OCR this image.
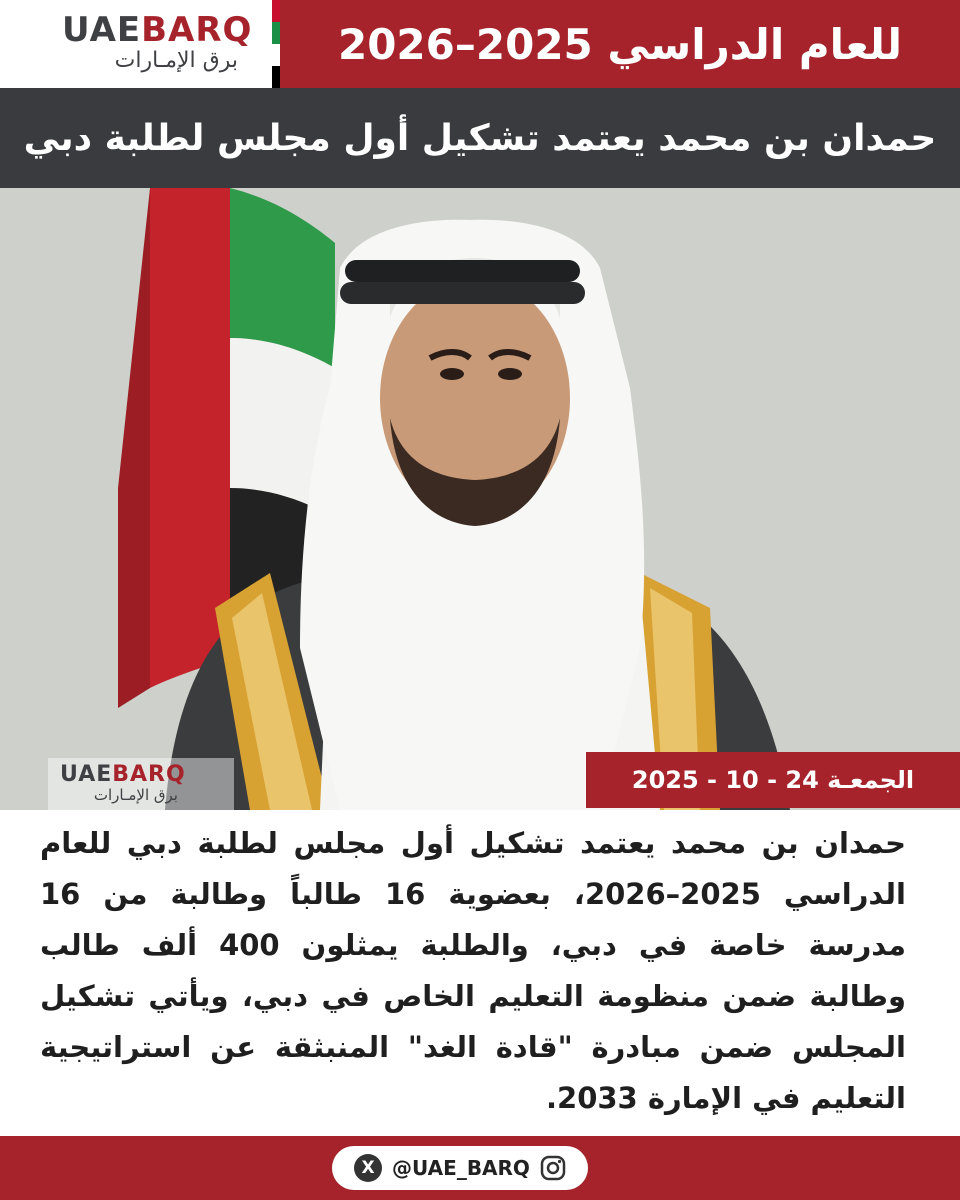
UAEBARQ
برق الإمـارات	للعام الدراسي 2025–2026
حمدان بن محمد يعتمد تشكيل أول مجلس لطلبة دبي
UAEBARQ
برق الإمـارات
الجمعـة 24 - 10 - 2025

حمدان بن محمد يعتمد تشكيل أول مجلس لطلبة دبي للعام الدراسي 2025–2026، بعضوية 16 طالباً وطالبة من 16 مدرسة خاصة في دبي، والطلبة يمثلون 400 ألف طالب وطالبة ضمن منظومة التعليم الخاص في دبي، ويأتي تشكيل المجلس ضمن مبادرة "قادة الغد" المنبثقة عن استراتيجية التعليم في الإمارة 2033.

X @UAE_BARQ
